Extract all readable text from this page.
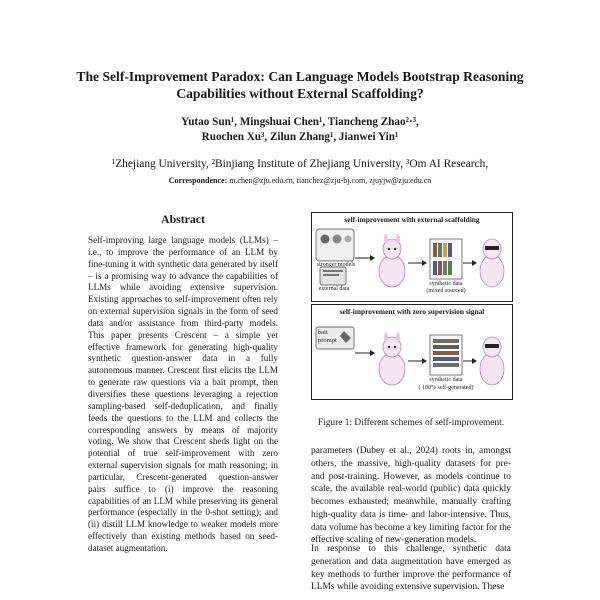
The Self-Improvement Paradox: Can Language Models Bootstrap Reasoning Capabilities without External Scaffolding?
Yutao Sun¹, Mingshuai Chen¹, Tiancheng Zhao²·³,
Ruochen Xu³, Zilun Zhang¹, Jianwei Yin¹
¹Zhejiang University, ²Binjiang Institute of Zhejiang University, ³Om AI Research,
Correspondence: m.chen@zju.edu.cn, tianchez@zju-bj.com, zjuyjw@zju.edu.cn
Abstract
Self-improving large language models (LLMs) – i.e., to improve the performance of an LLM by fine-tuning it with synthetic data generated by itself – is a promising way to advance the capabilities of LLMs while avoiding extensive supervision. Existing approaches to self-improvement often rely on external supervision signals in the form of seed data and/or assistance from third-party models. This paper presents Crescent – a simple yet effective framework for generating high-quality synthetic question-answer data in a fully autonomous manner. Crescent first elicits the LLM to generate raw questions via a bait prompt, then diversifies these questions leveraging a rejection sampling-based self-deduplication, and finally feeds the questions to the LLM and collects the corresponding answers by means of majority voting. We show that Crescent sheds light on the potential of true self-improvement with zero external supervision signals for math reasoning; in particular, Crescent-generated question-answer pairs suffice to (i) improve the reasoning capabilities of an LLM while preserving its general performance (especially in the 0-shot setting); and (ii) distill LLM knowledge to weaker models more effectively than existing methods based on seed-dataset augmentation.
self-improvement with external scaffolding
stronger models
external data
synthetic data
(mixed sourced)
self-improvement with zero supervision signal
bait
prompt
synthetic data
( 100% self-generated)
Figure 1: Different schemes of self-improvement.
parameters (Dubey et al., 2024) roots in, amongst others, the massive, high-quality datasets for pre- and post-training. However, as models continue to scale, the available real-world (public) data quickly becomes exhausted; meanwhile, manually crafting high-quality data is time- and labor-intensive. Thus, data volume has become a key limiting factor for the effective scaling of new-generation models.
In response to this challenge, synthetic data generation and data augmentation have emerged as key methods to further improve the performance of LLMs while avoiding extensive supervision. These
